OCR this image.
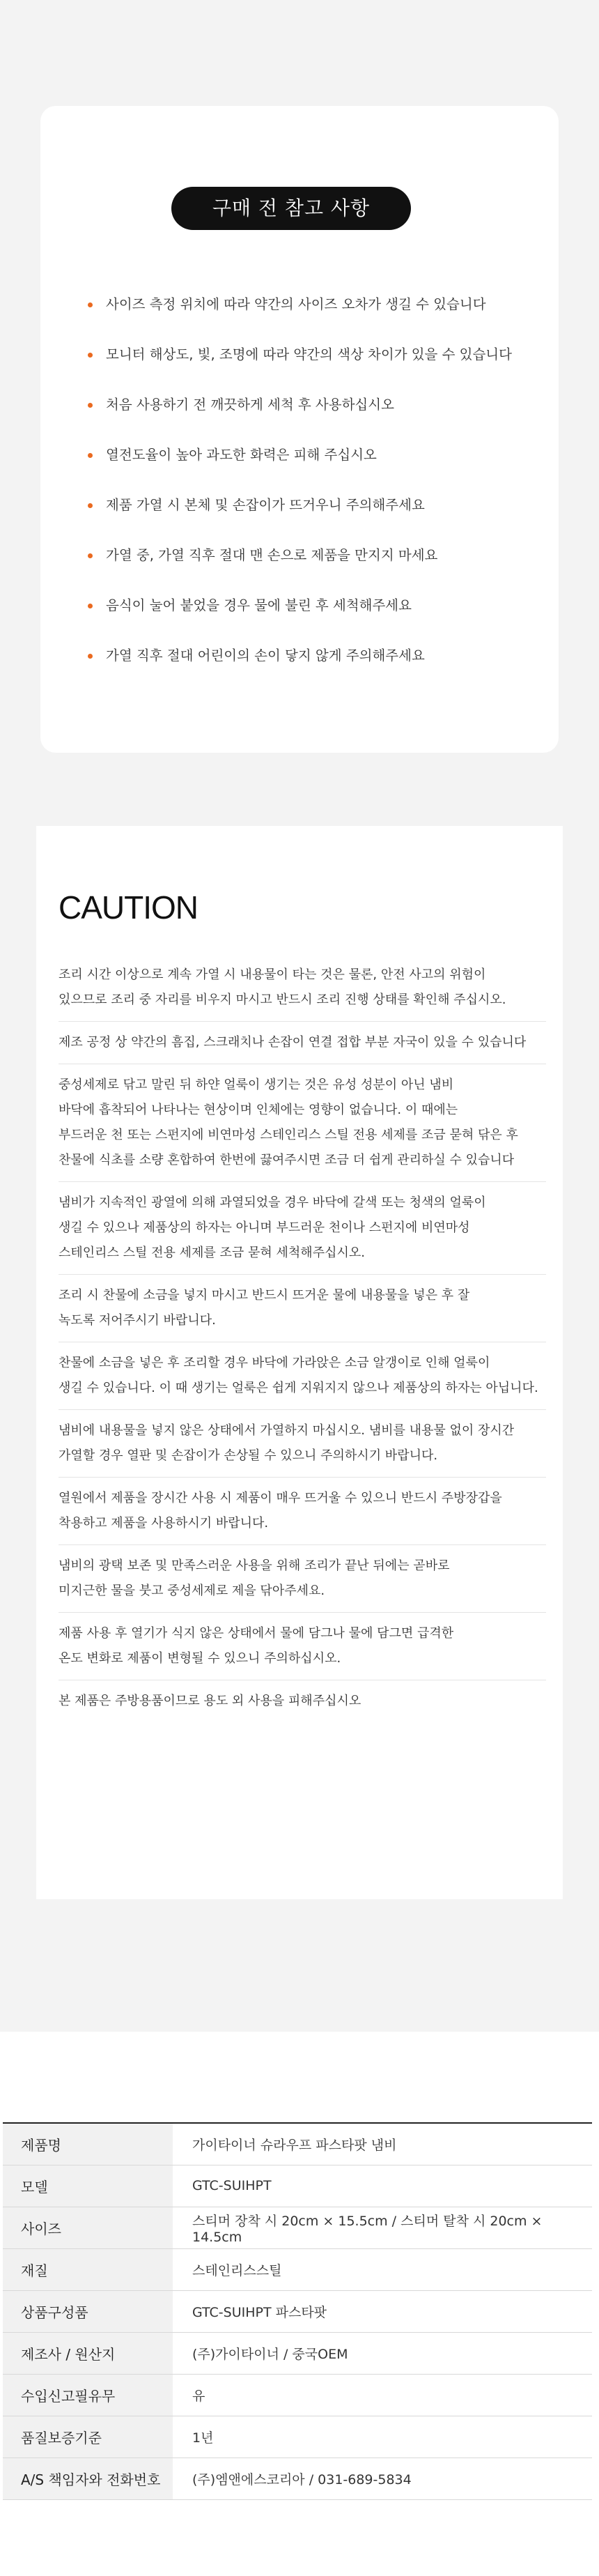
구매 전 참고 사항
사이즈 측정 위치에 따라 약간의 사이즈 오차가 생길 수 있습니다
모니터 해상도, 빛, 조명에 따라 약간의 색상 차이가 있을 수 있습니다
처음 사용하기 전 깨끗하게 세척 후 사용하십시오
열전도율이 높아 과도한 화력은 피해 주십시오
제품 가열 시 본체 및 손잡이가 뜨거우니 주의해주세요
가열 중, 가열 직후 절대 맨 손으로 제품을 만지지 마세요
음식이 눌어 붙었을 경우 물에 불린 후 세척해주세요
가열 직후 절대 어린이의 손이 닿지 않게 주의해주세요
CAUTION
조리 시간 이상으로 계속 가열 시 내용물이 타는 것은 물론, 안전 사고의 위험이
있으므로 조리 중 자리를 비우지 마시고 반드시 조리 진행 상태를 확인해 주십시오.
제조 공정 상 약간의 흠집, 스크래치나 손잡이 연결 접합 부분 자국이 있을 수 있습니다
중성세제로 닦고 말린 뒤 하얀 얼룩이 생기는 것은 유성 성분이 아닌 냄비
바닥에 흡착되어 나타나는 현상이며 인체에는 영향이 없습니다. 이 때에는
부드러운 천 또는 스펀지에 비연마성 스테인리스 스틸 전용 세제를 조금 묻혀 닦은 후
찬물에 식초를 소량 혼합하여 한번에 끓여주시면 조금 더 쉽게 관리하실 수 있습니다
냄비가 지속적인 광열에 의해 과열되었을 경우 바닥에 갈색 또는 청색의 얼룩이
생길 수 있으나 제품상의 하자는 아니며 부드러운 천이나 스펀지에 비연마성
스테인리스 스틸 전용 세제를 조금 묻혀 세척해주십시오.
조리 시 찬물에 소금을 넣지 마시고 반드시 뜨거운 물에 내용물을 넣은 후 잘
녹도록 저어주시기 바랍니다.
찬물에 소금을 넣은 후 조리할 경우 바닥에 가라앉은 소금 알갱이로 인해 얼룩이
생길 수 있습니다. 이 때 생기는 얼룩은 쉽게 지워지지 않으나 제품상의 하자는 아닙니다.
냄비에 내용물을 넣지 않은 상태에서 가열하지 마십시오. 냄비를 내용물 없이 장시간
가열할 경우 열판 및 손잡이가 손상될 수 있으니 주의하시기 바랍니다.
열원에서 제품을 장시간 사용 시 제품이 매우 뜨거울 수 있으니 반드시 주방장갑을
착용하고 제품을 사용하시기 바랍니다.
냄비의 광택 보존 및 만족스러운 사용을 위해 조리가 끝난 뒤에는 곧바로
미지근한 물을 붓고 중성세제로 제을 닦아주세요.
제품 사용 후 열기가 식지 않은 상태에서 물에 담그나 물에 담그면 급격한
온도 변화로 제품이 변형될 수 있으니 주의하십시오.
본 제품은 주방용품이므로 용도 외 사용을 피해주십시오
제품명	가이타이너 슈라우프 파스타팟 냄비
모델	GTC-SUIHPT
사이즈	스티머 장착 시 20cm × 15.5cm / 스티머 탈착 시 20cm × 14.5cm
재질	스테인리스스틸
상품구성품	GTC-SUIHPT 파스타팟
제조사 / 원산지	(주)가이타이너 / 중국OEM
수입신고필유무	유
품질보증기준	1년
A/S 책임자와 전화번호	(주)엠앤에스코리아 / 031-689-5834
